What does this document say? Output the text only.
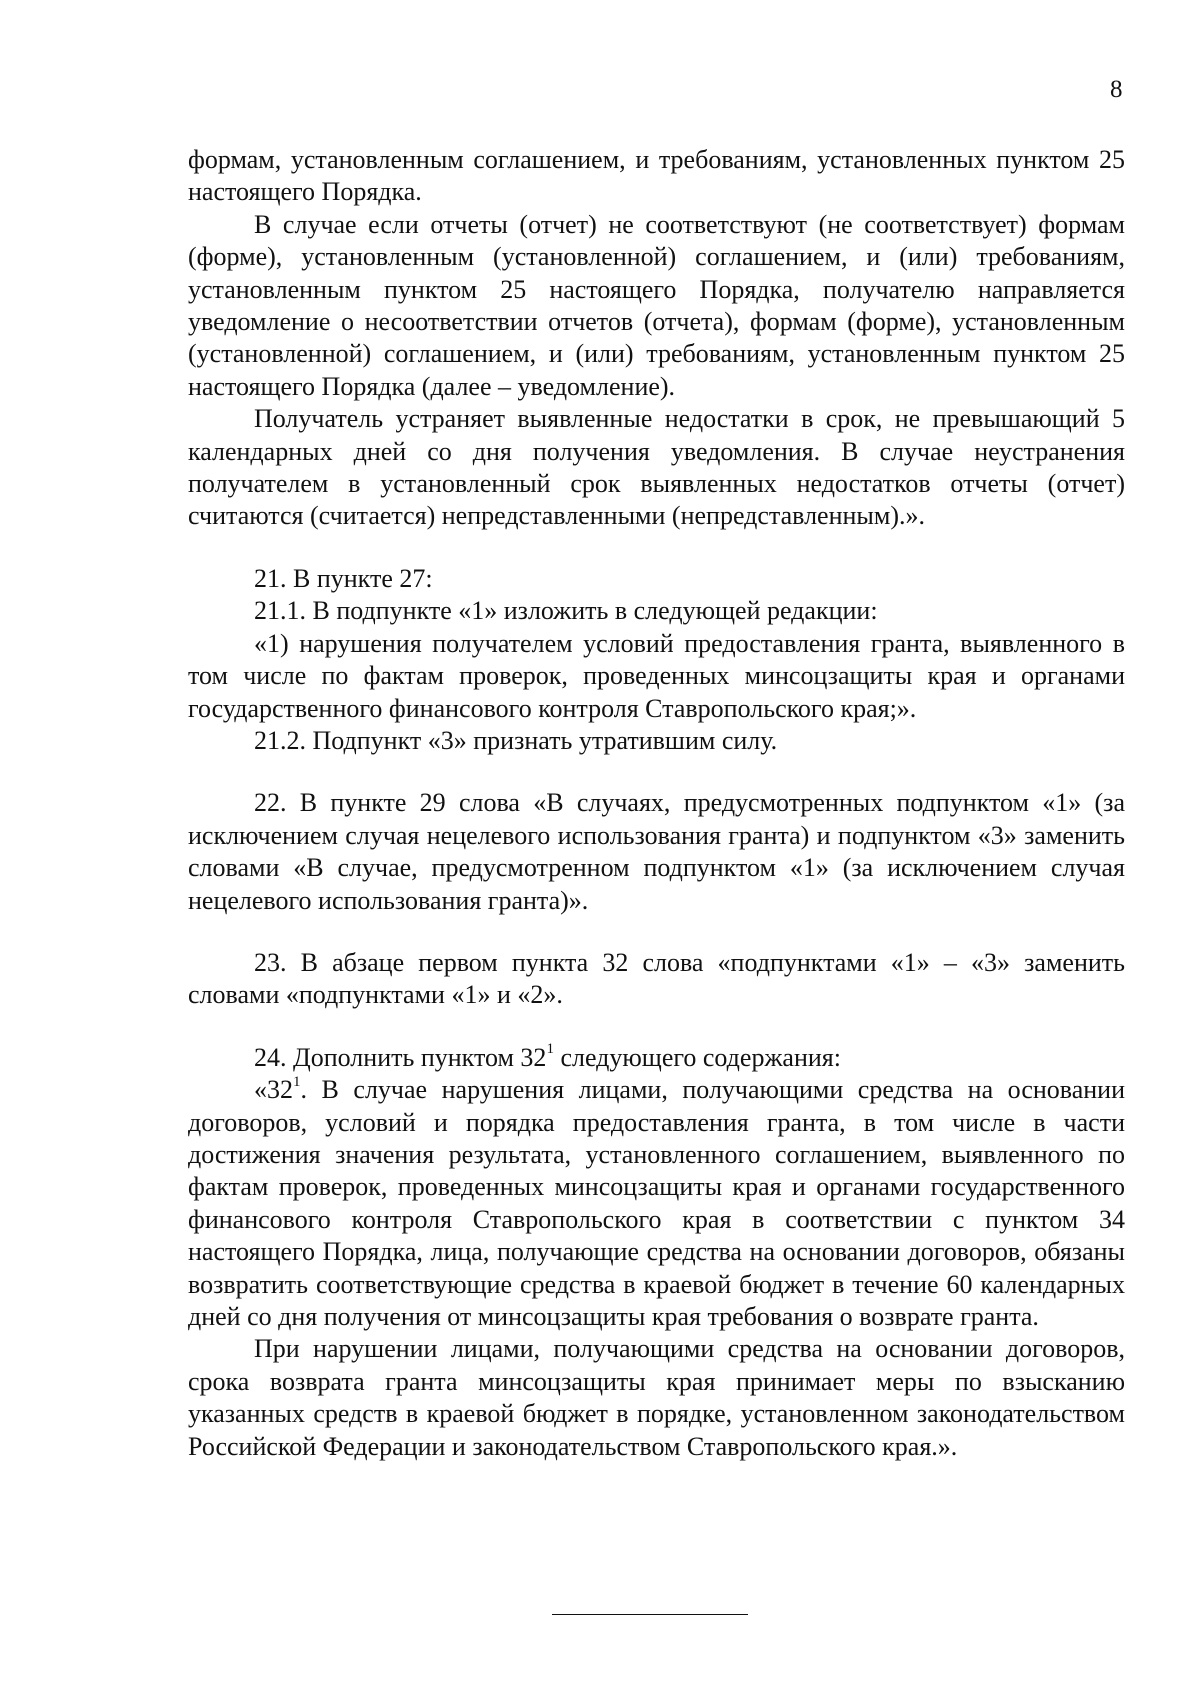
8

формам, установленным соглашением, и требованиям, установленных пунктом 25 настоящего Порядка.

В случае если отчеты (отчет) не соответствуют (не соответствует) формам (форме), установленным (установленной) соглашением, и (или) требованиям, установленным пунктом 25 настоящего Порядка, получателю направляется уведомление о несоответствии отчетов (отчета), формам (форме), установленным (установленной) соглашением, и (или) требованиям, установленным пунктом 25 настоящего Порядка (далее – уведомление).

Получатель устраняет выявленные недостатки в срок, не превышающий 5 календарных дней со дня получения уведомления. В случае неустранения получателем в установленный срок выявленных недостатков отчеты (отчет) считаются (считается) непредставленными (непредставленным).».

21. В пункте 27:

21.1. В подпункте «1» изложить в следующей редакции:

«1) нарушения получателем условий предоставления гранта, выявленного в том числе по фактам проверок, проведенных минсоцзащиты края и органами государственного финансового контроля Ставропольского края;».

21.2. Подпункт «3» признать утратившим силу.

22. В пункте 29 слова «В случаях, предусмотренных подпунктом «1» (за исключением случая нецелевого использования гранта) и подпунктом «3» заменить словами «В случае, предусмотренном подпунктом «1» (за исключением случая нецелевого использования гранта)».

23. В абзаце первом пункта 32 слова «подпунктами «1» – «3» заменить словами «подпунктами «1» и «2».

24. Дополнить пунктом $32^1$ следующего содержания:

«$32^1$. В случае нарушения лицами, получающими средства на основании договоров, условий и порядка предоставления гранта, в том числе в части достижения значения результата, установленного соглашением, выявленного по фактам проверок, проведенных минсоцзащиты края и органами государственного финансового контроля Ставропольского края в соответствии с пунктом 34 настоящего Порядка, лица, получающие средства на основании договоров, обязаны возвратить соответствующие средства в краевой бюджет в течение 60 календарных дней со дня получения от минсоцзащиты края требования о возврате гранта.

При нарушении лицами, получающими средства на основании договоров, срока возврата гранта минсоцзащиты края принимает меры по взысканию указанных средств в краевой бюджет в порядке, установленном законодательством Российской Федерации и законодательством Ставропольского края.».
